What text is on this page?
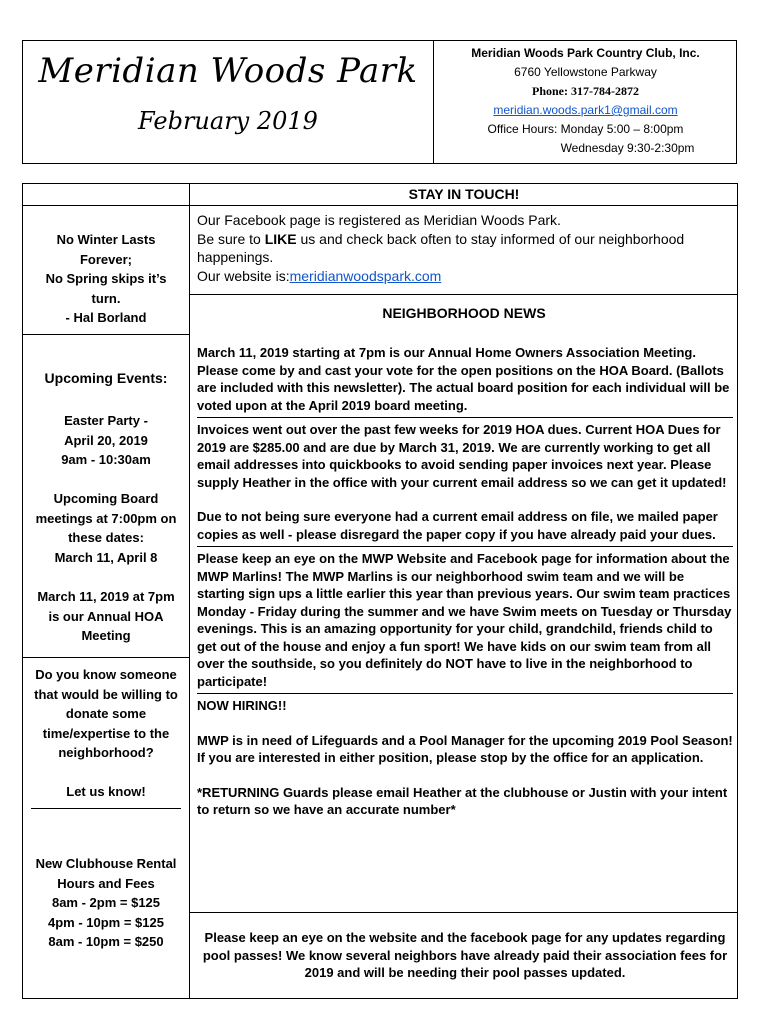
Meridian Woods Park
February 2019
Meridian Woods Park Country Club, Inc.
6760 Yellowstone Parkway
Phone: 317-784-2872
meridian.woods.park1@gmail.com
Office Hours: Monday 5:00 – 8:00pm
Wednesday 9:30-2:30pm
STAY IN TOUCH!

No Winter Lasts

Forever;

No Spring skips it’s

turn.

- Hal Borland

Upcoming Events:

Easter Party -

April 20, 2019

9am - 10:30am

Upcoming Board

meetings at 7:00pm on

these dates:

March 11, April 8

March 11, 2019 at 7pm

is our Annual HOA

Meeting

Do you know someone

that would be willing to

donate some

time/expertise to the

neighborhood?

Let us know!

New Clubhouse Rental

Hours and Fees

8am - 2pm = $125

4pm - 10pm = $125

8am - 10pm = $250

Our Facebook page is registered as Meridian Woods Park.

Be sure to LIKE us and check back often to stay informed of our neighborhood happenings.

Our website is:meridianwoodspark.com

NEIGHBORHOOD NEWS

March 11, 2019 starting at 7pm is our Annual Home Owners Association Meeting. Please come by and cast your vote for the open positions on the HOA Board. (Ballots are included with this newsletter). The actual board position for each individual will be voted upon at the April 2019 board meeting.

Invoices went out over the past few weeks for 2019 HOA dues. Current HOA Dues for 2019 are $285.00 and are due by March 31, 2019. We are currently working to get all email addresses into quickbooks to avoid sending paper invoices next year. Please supply Heather in the office with your current email address so we can get it updated!

Due to not being sure everyone had a current email address on file, we mailed paper copies as well - please disregard the paper copy if you have already paid your dues.

Please keep an eye on the MWP Website and Facebook page for information about the MWP Marlins! The MWP Marlins is our neighborhood swim team and we will be starting sign ups a little earlier this year than previous years. Our swim team practices Monday - Friday during the summer and we have Swim meets on Tuesday or Thursday evenings. This is an amazing opportunity for your child, grandchild, friends child to get out of the house and enjoy a fun sport! We have kids on our swim team from all over the southside, so you definitely do NOT have to live in the neighborhood to participate!

NOW HIRING!!

MWP is in need of Lifeguards and a Pool Manager for the upcoming 2019 Pool Season! If you are interested in either position, please stop by the office for an application.

*RETURNING Guards please email Heather at the clubhouse or Justin with your intent to return so we have an accurate number*

Please keep an eye on the website and the facebook page for any updates regarding pool passes! We know several neighbors have already paid their association fees for 2019 and will be needing their pool passes updated.
